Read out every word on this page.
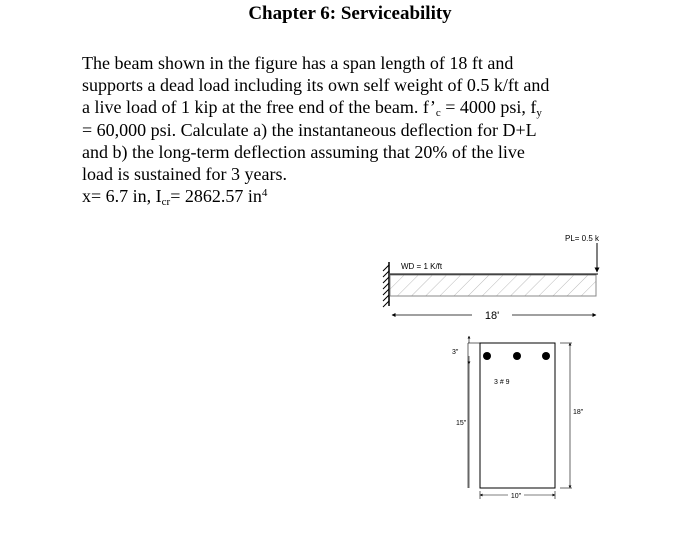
Chapter 6: Serviceability
The beam shown in the figure has a span length of 18 ft and
supports a dead load including its own self weight of 0.5 k/ft and
a live load of 1 kip at the free end of the beam. $f’_c = 4000$ psi, $f_y$
= 60,000 psi. Calculate a) the instantaneous deflection for D+L
and b) the long-term deflection assuming that 20% of the live
load is sustained for 3 years.
x= 6.7 in, $I_{cr}= 2862.57$ $in^4$
WD = 1 K/ft
PL= 0.5 k
18'
3 # 9
3"
15"
18"
10"
